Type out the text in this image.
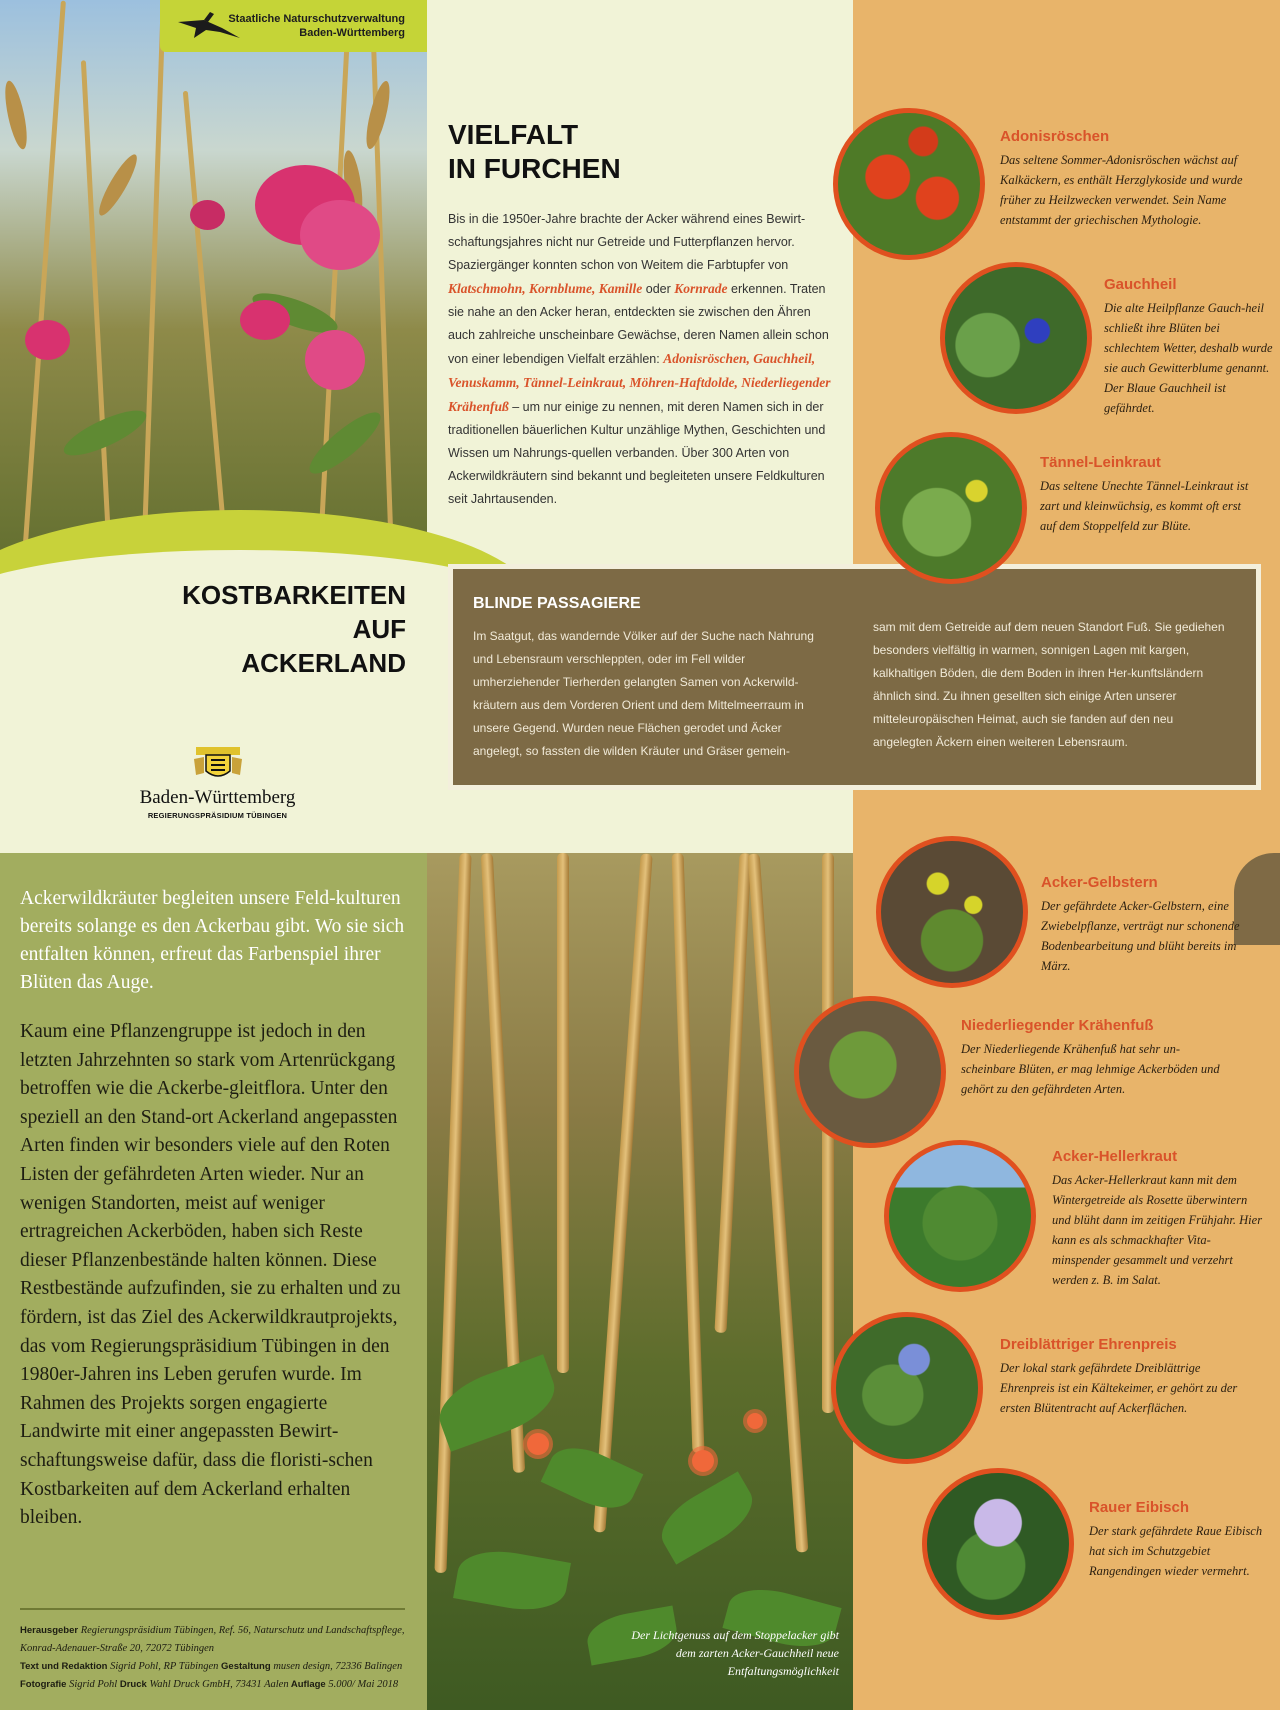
Staatliche Naturschutzverwaltung
Baden-Württemberg
VIELFALT
IN FURCHEN
Bis in die 1950er-Jahre brachte der Acker während eines Bewirt-schaftungsjahres nicht nur Getreide und Futterpflanzen hervor. Spaziergänger konnten schon von Weitem die Farbtupfer von Klatschmohn, Kornblume, Kamille oder Kornrade erkennen. Traten sie nahe an den Acker heran, entdeckten sie zwischen den Ähren auch zahlreiche unscheinbare Gewächse, deren Namen allein schon von einer lebendigen Vielfalt erzählen: Adonisröschen, Gauchheil, Venuskamm, Tännel-Leinkraut, Möhren-Haftdolde, Niederliegender Krähenfuß – um nur einige zu nennen, mit deren Namen sich in der traditionellen bäuerlichen Kultur unzählige Mythen, Geschichten und Wissen um Nahrungs-quellen verbanden. Über 300 Arten von Ackerwildkräutern sind bekannt und begleiteten unsere Feldkulturen seit Jahrtausenden.
KOSTBARKEITEN
AUF
ACKERLAND
Baden-Württemberg
REGIERUNGSPRÄSIDIUM TÜBINGEN
BLINDE PASSAGIERE
Im Saatgut, das wandernde Völker auf der Suche nach Nahrung und Lebensraum verschleppten, oder im Fell wilder umherziehender Tierherden gelangten Samen von Ackerwild-kräutern aus dem Vorderen Orient und dem Mittelmeerraum in unsere Gegend. Wurden neue Flächen gerodet und Äcker angelegt, so fassten die wilden Kräuter und Gräser gemein-
sam mit dem Getreide auf dem neuen Standort Fuß. Sie gediehen besonders vielfältig in warmen, sonnigen Lagen mit kargen, kalkhaltigen Böden, die dem Boden in ihren Her-kunftsländern ähnlich sind. Zu ihnen gesellten sich einige Arten unserer mitteleuropäischen Heimat, auch sie fanden auf den neu angelegten Äckern einen weiteren Lebensraum.
Ackerwildkräuter begleiten unsere Feld-kulturen bereits solange es den Ackerbau gibt. Wo sie sich entfalten können, erfreut das Farbenspiel ihrer Blüten das Auge.
Kaum eine Pflanzengruppe ist jedoch in den letzten Jahrzehnten so stark vom Artenrückgang betroffen wie die Ackerbe-gleitflora. Unter den speziell an den Stand-ort Ackerland angepassten Arten finden wir besonders viele auf den Roten Listen der gefährdeten Arten wieder. Nur an wenigen Standorten, meist auf weniger ertragreichen Ackerböden, haben sich Reste dieser Pflanzenbestände halten können. Diese Restbestände aufzufinden, sie zu erhalten und zu fördern, ist das Ziel des Ackerwildkrautprojekts, das vom Regierungspräsidium Tübingen in den 1980er-Jahren ins Leben gerufen wurde. Im Rahmen des Projekts sorgen engagierte Landwirte mit einer angepassten Bewirt-schaftungsweise dafür, dass die floristi-schen Kostbarkeiten auf dem Ackerland erhalten bleiben.
Herausgeber Regierungspräsidium Tübingen, Ref. 56, Naturschutz und Landschaftspflege, Konrad-Adenauer-Straße 20, 72072 Tübingen
Text und Redaktion Sigrid Pohl, RP Tübingen Gestaltung musen design, 72336 Balingen Fotografie Sigrid Pohl Druck Wahl Druck GmbH, 73431 Aalen Auflage 5.000/ Mai 2018
Der Lichtgenuss auf dem Stoppelacker gibt dem zarten Acker-Gauchheil neue Entfaltungsmöglichkeit
Adonisröschen
Das seltene Sommer-Adonisröschen wächst auf Kalkäckern, es enthält Herzglykoside und wurde früher zu Heilzwecken verwendet. Sein Name entstammt der griechischen Mythologie.
Gauchheil
Die alte Heilpflanze Gauch-heil schließt ihre Blüten bei schlechtem Wetter, deshalb wurde sie auch Gewitterblume genannt. Der Blaue Gauchheil ist gefährdet.
Tännel-Leinkraut
Das seltene Unechte Tännel-Leinkraut ist zart und kleinwüchsig, es kommt oft erst auf dem Stoppelfeld zur Blüte.
Acker-Gelbstern
Der gefährdete Acker-Gelbstern, eine Zwiebelpflanze, verträgt nur schonende Bodenbearbeitung und blüht bereits im März.
Niederliegender Krähenfuß
Der Niederliegende Krähenfuß hat sehr un-scheinbare Blüten, er mag lehmige Ackerböden und gehört zu den gefährdeten Arten.
Acker-Hellerkraut
Das Acker-Hellerkraut kann mit dem Wintergetreide als Rosette überwintern und blüht dann im zeitigen Frühjahr. Hier kann es als schmackhafter Vita-minspender gesammelt und verzehrt werden z. B. im Salat.
Dreiblättriger Ehrenpreis
Der lokal stark gefährdete Dreiblättrige Ehrenpreis ist ein Kältekeimer, er gehört zu der ersten Blütentracht auf Ackerflächen.
Rauer Eibisch
Der stark gefährdete Raue Eibisch hat sich im Schutzgebiet Rangendingen wieder vermehrt.
